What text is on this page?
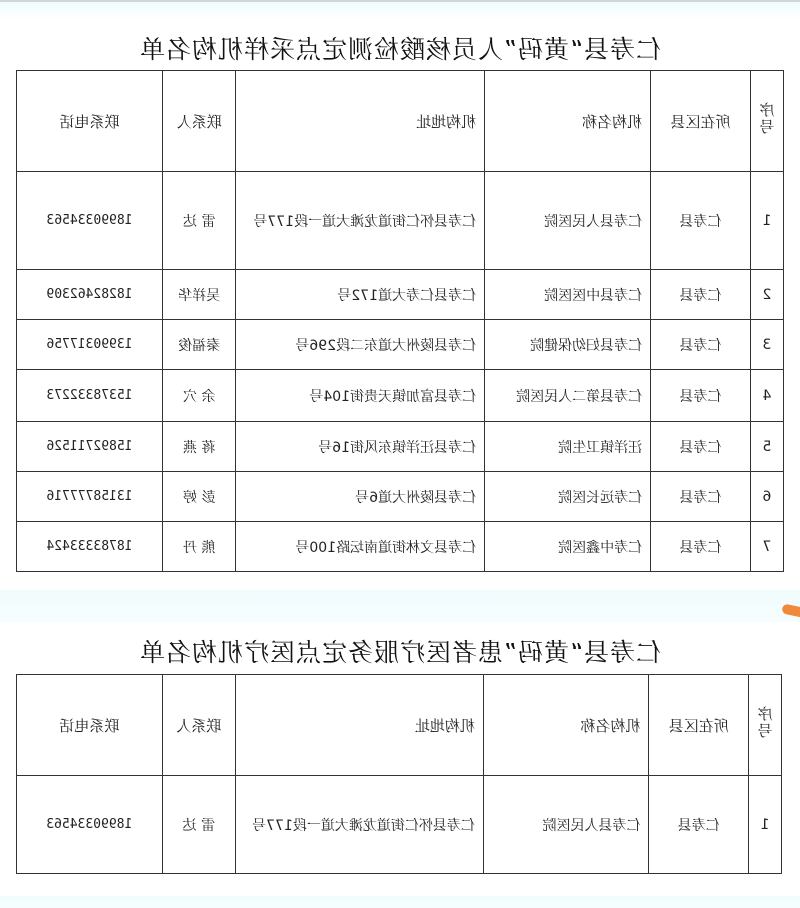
仁寿县“黄码”人员核酸检测定点采样机构名单
序号	所在区县	机构名称	机构地址	联系人	联系电话
1	仁寿县	仁寿县人民医院	仁寿县怀仁街道龙滩大道一段177号	雷 达	18990334563
2	仁寿县	仁寿县中医医院	仁寿县仁寿大道172号	吴祥华	18282462309
3	仁寿县	仁寿县妇幼保健院	仁寿县陵州大道东二段296号	秦福俊	13990317756
4	仁寿县	仁寿县第二人民医院	仁寿县富加镇天贵街104号	余 穴	15378332273
5	仁寿县	汪洋镇卫生院	仁寿县汪洋镇东风街16号	蒋 燕	15892711526
6	仁寿县	仁寿远长医院	仁寿县陵州大道6号	彭 婷	13158777716
7	仁寿县	仁寿中鑫医院	仁寿县文林街道南坛路100号	熊 丹	18783333424
仁寿县“黄码”患者医疗服务定点医疗机构名单
序号	所在区县	机构名称	机构地址	联系人	联系电话
1	仁寿县	仁寿县人民医院	仁寿县怀仁街道龙滩大道一段177号	雷 达	18990334563
